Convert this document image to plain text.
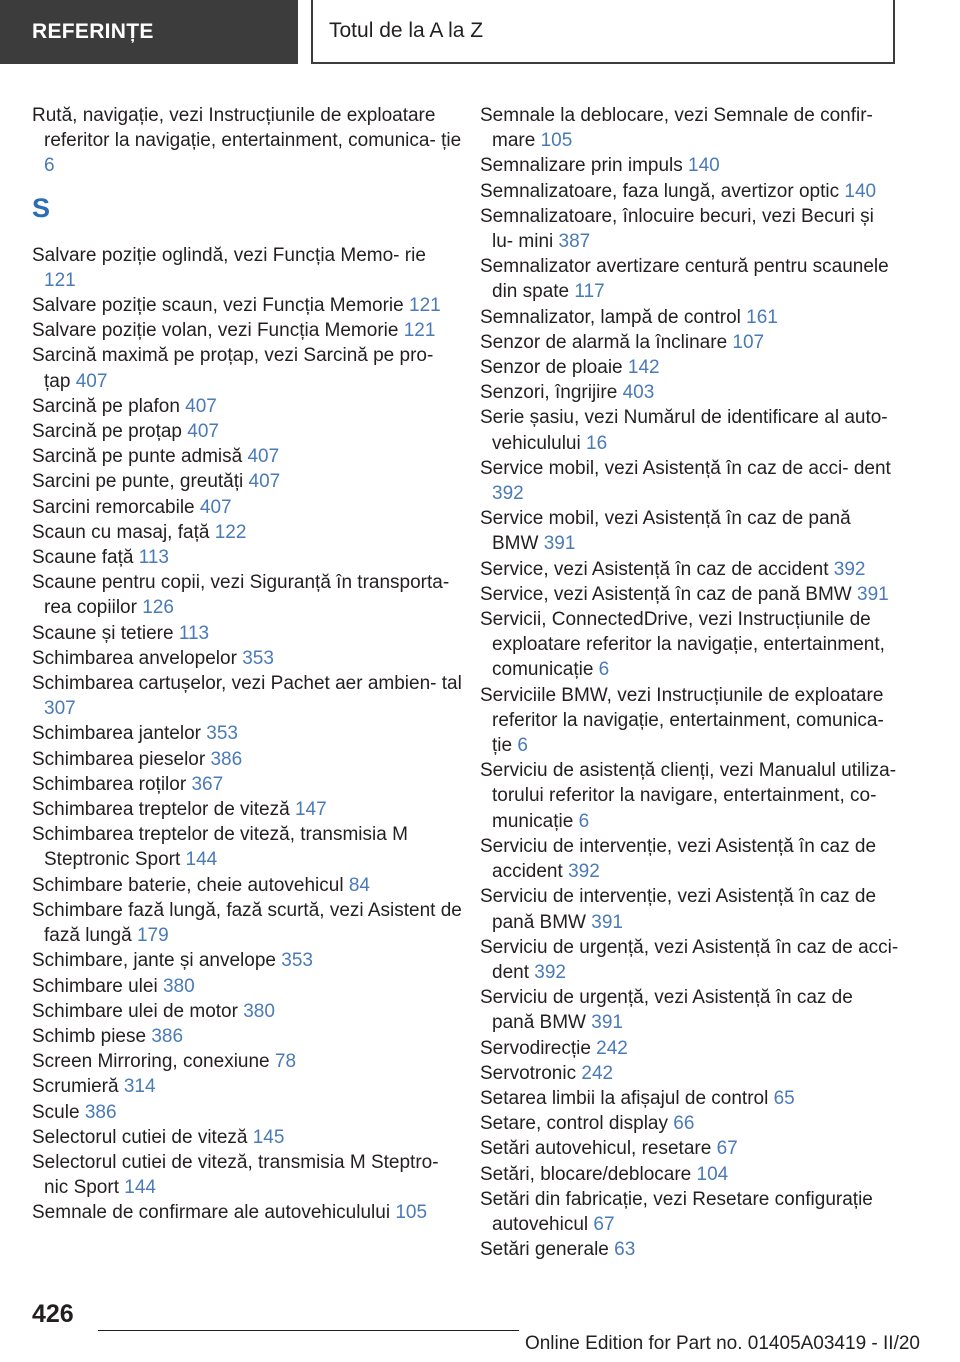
REFERINȚE	Totul de la A la Z

Rută, navigație, vezi Instrucțiunile de exploatare referitor la navigație, entertainment, comunica‐ ție 6

S

Salvare poziție oglindă, vezi Funcția Memo‐ rie 121

Salvare poziție scaun, vezi Funcția Memorie 121

Salvare poziție volan, vezi Funcția Memorie 121

Sarcină maximă pe proțap, vezi Sarcină pe pro‐ țap 407

Sarcină pe plafon 407

Sarcină pe proțap 407

Sarcină pe punte admisă 407

Sarcini pe punte, greutăți 407

Sarcini remorcabile 407

Scaun cu masaj, față 122

Scaune față 113

Scaune pentru copii, vezi Siguranță în transporta‐ rea copiilor 126

Scaune și tetiere 113

Schimbarea anvelopelor 353

Schimbarea cartușelor, vezi Pachet aer ambien‐ tal 307

Schimbarea jantelor 353

Schimbarea pieselor 386

Schimbarea roților 367

Schimbarea treptelor de viteză 147

Schimbarea treptelor de viteză, transmisia M Steptronic Sport 144

Schimbare baterie, cheie autovehicul 84

Schimbare fază lungă, fază scurtă, vezi Asistent de fază lungă 179

Schimbare, jante și anvelope 353

Schimbare ulei 380

Schimbare ulei de motor 380

Schimb piese 386

Screen Mirroring, conexiune 78

Scrumieră 314

Scule 386

Selectorul cutiei de viteză 145

Selectorul cutiei de viteză, transmisia M Steptro‐ nic Sport 144

Semnale de confirmare ale autovehiculului 105

Semnale la deblocare, vezi Semnale de confir‐ mare 105

Semnalizare prin impuls 140

Semnalizatoare, faza lungă, avertizor optic 140

Semnalizatoare, înlocuire becuri, vezi Becuri și lu‐ mini 387

Semnalizator avertizare centură pentru scaunele din spate 117

Semnalizator, lampă de control 161

Senzor de alarmă la înclinare 107

Senzor de ploaie 142

Senzori, îngrijire 403

Serie șasiu, vezi Numărul de identificare al auto‐ vehiculului 16

Service mobil, vezi Asistență în caz de acci‐ dent 392

Service mobil, vezi Asistență în caz de pană BMW 391

Service, vezi Asistență în caz de accident 392

Service, vezi Asistență în caz de pană BMW 391

Servicii, ConnectedDrive, vezi Instrucțiunile de exploatare referitor la navigație, entertainment, comunicație 6

Serviciile BMW, vezi Instrucțiunile de exploatare referitor la navigație, entertainment, comunica‐ ție 6

Serviciu de asistență clienți, vezi Manualul utiliza‐ torului referitor la navigare, entertainment, co‐ municație 6

Serviciu de intervenție, vezi Asistență în caz de accident 392

Serviciu de intervenție, vezi Asistență în caz de pană BMW 391

Serviciu de urgență, vezi Asistență în caz de acci‐ dent 392

Serviciu de urgență, vezi Asistență în caz de pană BMW 391

Servodirecție 242

Servotronic 242

Setarea limbii la afișajul de control 65

Setare, control display 66

Setări autovehicul, resetare 67

Setări, blocare/deblocare 104

Setări din fabricație, vezi Resetare configurație autovehicul 67

Setări generale 63

426
Online Edition for Part no. 01405A03419 - II/20
